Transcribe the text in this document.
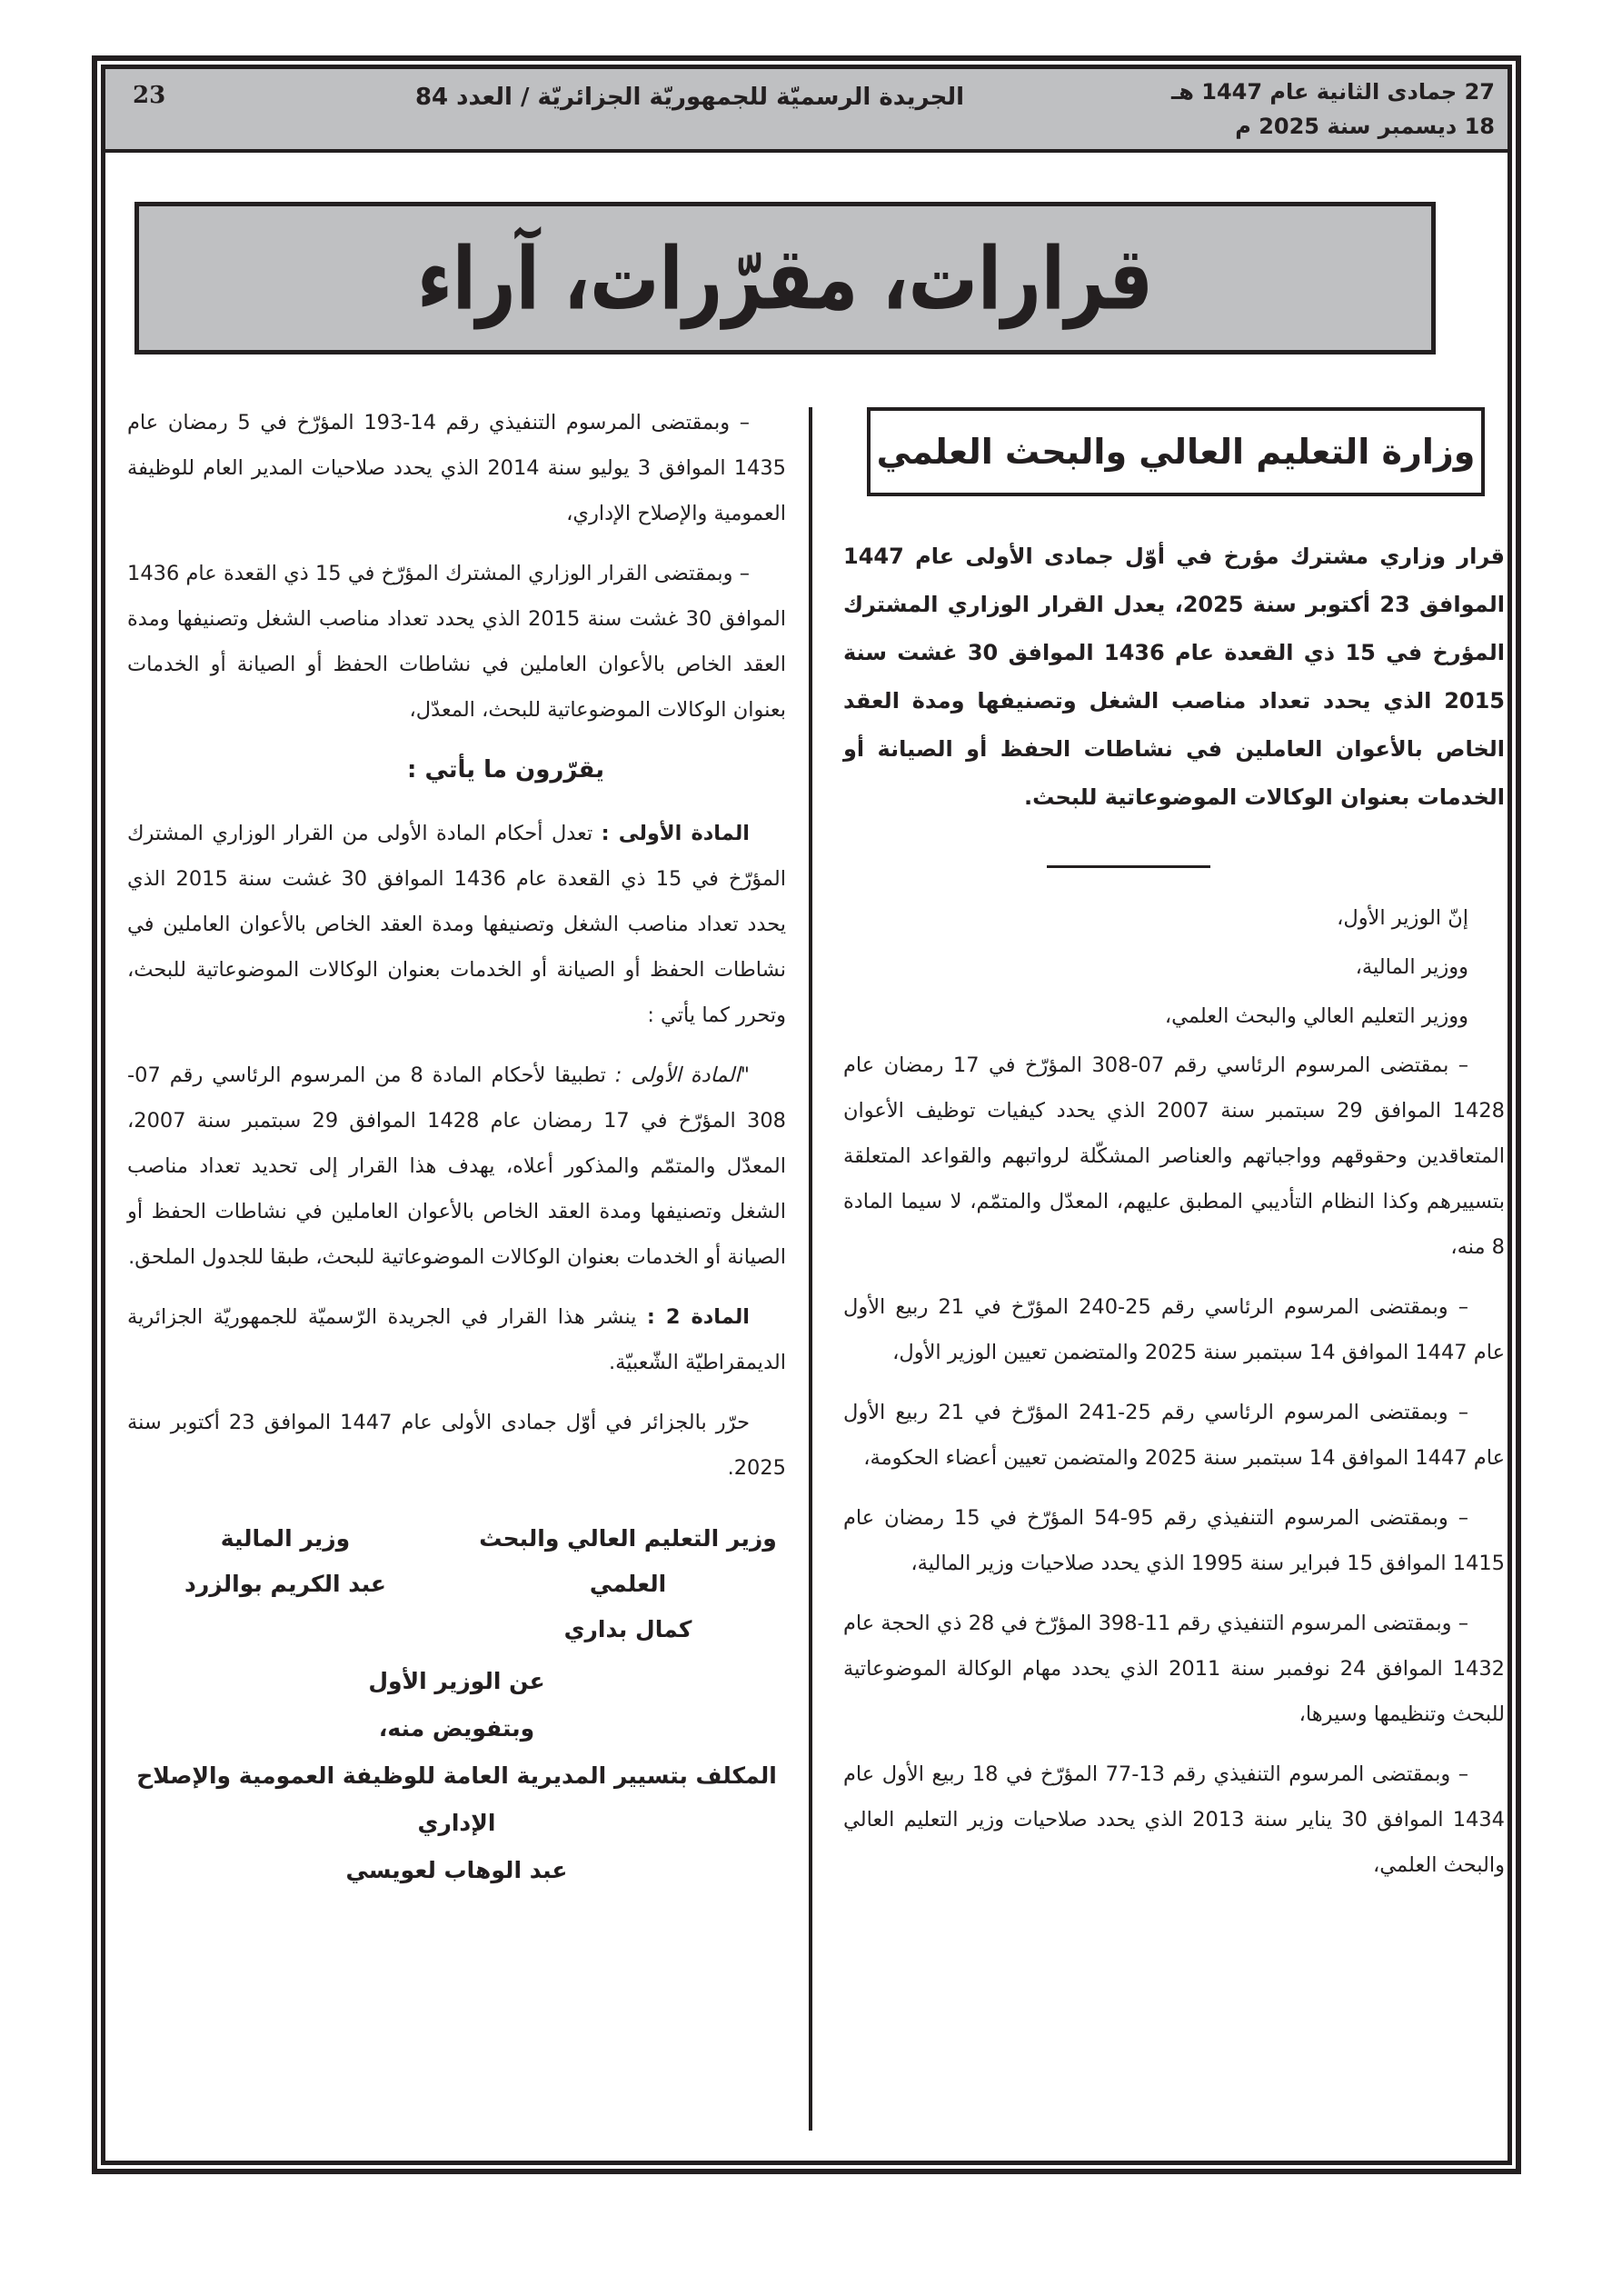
27 جمادى الثانية عام 1447 هـ
18 ديسمبر سنة 2025 م
الجريدة الرسميّة للجمهوريّة الجزائريّة / العدد 84
23
قرارات، مقرّرات، آراء
وزارة التعليم العالي والبحث العلمي
قرار وزاري مشترك مؤرخ في أوّل جمادى الأولى عام 1447 الموافق 23 أكتوبر سنة 2025، يعدل القرار الوزاري المشترك المؤرخ في 15 ذي القعدة عام 1436 الموافق 30 غشت سنة 2015 الذي يحدد تعداد مناصب الشغل وتصنيفها ومدة العقد الخاص بالأعوان العاملين في نشاطات الحفظ أو الصيانة أو الخدمات بعنوان الوكالات الموضوعاتية للبحث.

إنّ الوزير الأول،

ووزير المالية،

ووزير التعليم العالي والبحث العلمي،

– بمقتضى المرسوم الرئاسي رقم 07-308 المؤرّخ في 17 رمضان عام 1428 الموافق 29 سبتمبر سنة 2007 الذي يحدد كيفيات توظيف الأعوان المتعاقدين وحقوقهم وواجباتهم والعناصر المشكّلة لرواتبهم والقواعد المتعلقة بتسييرهم وكذا النظام التأديبي المطبق عليهم، المعدّل والمتمّم، لا سيما المادة 8 منه،

– وبمقتضى المرسوم الرئاسي رقم 25-240 المؤرّخ في 21 ربيع الأول عام 1447 الموافق 14 سبتمبر سنة 2025 والمتضمن تعيين الوزير الأول،

– وبمقتضى المرسوم الرئاسي رقم 25-241 المؤرّخ في 21 ربيع الأول عام 1447 الموافق 14 سبتمبر سنة 2025 والمتضمن تعيين أعضاء الحكومة،

– وبمقتضى المرسوم التنفيذي رقم 95-54 المؤرّخ في 15 رمضان عام 1415 الموافق 15 فبراير سنة 1995 الذي يحدد صلاحيات وزير المالية،

– وبمقتضى المرسوم التنفيذي رقم 11-398 المؤرّخ في 28 ذي الحجة عام 1432 الموافق 24 نوفمبر سنة 2011 الذي يحدد مهام الوكالة الموضوعاتية للبحث وتنظيمها وسيرها،

– وبمقتضى المرسوم التنفيذي رقم 13-77 المؤرّخ في 18 ربيع الأول عام 1434 الموافق 30 يناير سنة 2013 الذي يحدد صلاحيات وزير التعليم العالي والبحث العلمي،

– وبمقتضى المرسوم التنفيذي رقم 14-193 المؤرّخ في 5 رمضان عام 1435 الموافق 3 يوليو سنة 2014 الذي يحدد صلاحيات المدير العام للوظيفة العمومية والإصلاح الإداري،

– وبمقتضى القرار الوزاري المشترك المؤرّخ في 15 ذي القعدة عام 1436 الموافق 30 غشت سنة 2015 الذي يحدد تعداد مناصب الشغل وتصنيفها ومدة العقد الخاص بالأعوان العاملين في نشاطات الحفظ أو الصيانة أو الخدمات بعنوان الوكالات الموضوعاتية للبحث، المعدّل،

يقرّرون ما يأتي :

المادة الأولى : تعدل أحكام المادة الأولى من القرار الوزاري المشترك المؤرّخ في 15 ذي القعدة عام 1436 الموافق 30 غشت سنة 2015 الذي يحدد تعداد مناصب الشغل وتصنيفها ومدة العقد الخاص بالأعوان العاملين في نشاطات الحفظ أو الصيانة أو الخدمات بعنوان الوكالات الموضوعاتية للبحث، وتحرر كما يأتي :

"المادة الأولى : تطبيقا لأحكام المادة 8 من المرسوم الرئاسي رقم 07-308 المؤرّخ في 17 رمضان عام 1428 الموافق 29 سبتمبر سنة 2007، المعدّل والمتمّم والمذكور أعلاه، يهدف هذا القرار إلى تحديد تعداد مناصب الشغل وتصنيفها ومدة العقد الخاص بالأعوان العاملين في نشاطات الحفظ أو الصيانة أو الخدمات بعنوان الوكالات الموضوعاتية للبحث، طبقا للجدول الملحق.

المادة 2 : ينشر هذا القرار في الجريدة الرّسميّة للجمهوريّة الجزائرية الديمقراطيّة الشّعبيّة.

حرّر بالجزائر في أوّل جمادى الأولى عام 1447 الموافق 23 أكتوبر سنة 2025.

وزير التعليم العالي والبحث العلمي
كمال بداري
وزير المالية
عبد الكريم بوالزرد
عن الوزير الأول
وبتفويض منه،
المكلف بتسيير المديرية العامة للوظيفة العمومية والإصلاح الإداري
عبد الوهاب لعويسي
